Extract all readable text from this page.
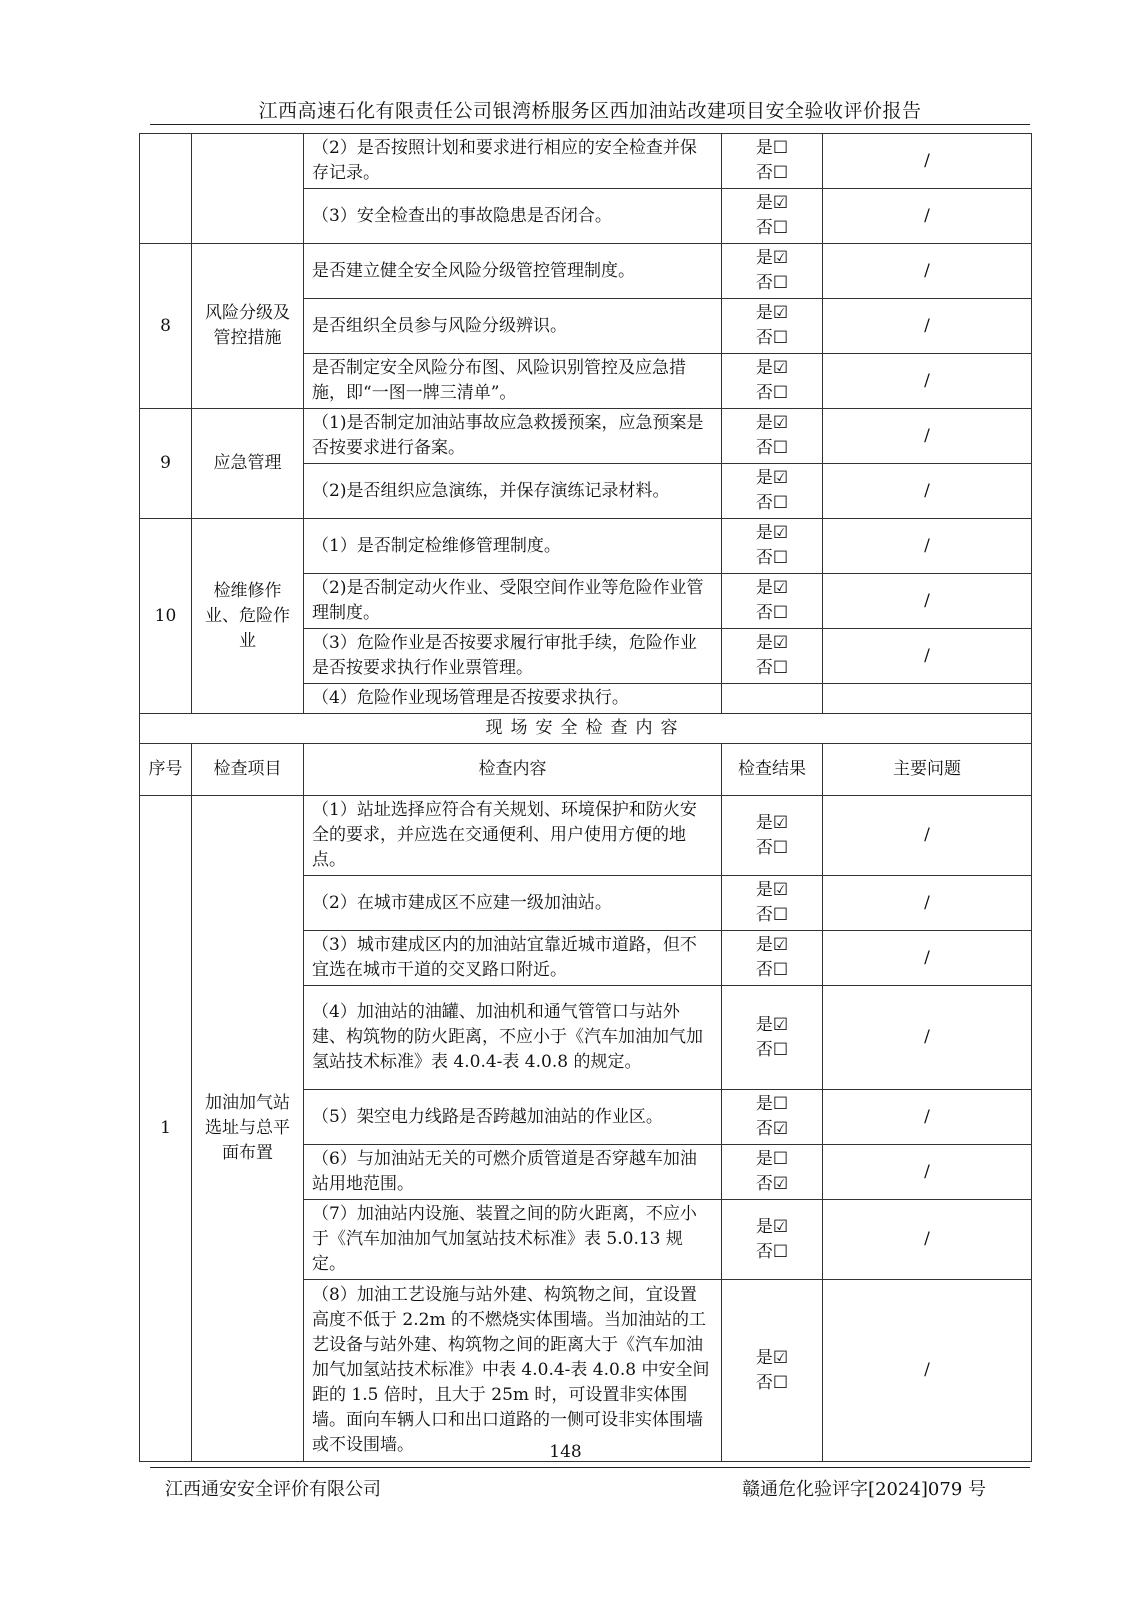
江西高速石化有限责任公司银湾桥服务区西加油站改建项目安全验收评价报告
		（2）是否按照计划和要求进行相应的安全检查并保存记录。	是☐
否☐	/
		（3）安全检查出的事故隐患是否闭合。	是☑
否☐	/
8	风险分级及管控措施	是否建立健全安全风险分级管控管理制度。	是☑
否☐	/
		是否组织全员参与风险分级辨识。	是☑
否☐	/
		是否制定安全风险分布图、风险识别管控及应急措施，即“一图一牌三清单”。	是☑
否☐	/
9	应急管理	（1)是否制定加油站事故应急救援预案，应急预案是否按要求进行备案。	是☑
否☐	/
		（2)是否组织应急演练，并保存演练记录材料。	是☑
否☐	/
10	检维修作业、危险作业	（1）是否制定检维修管理制度。	是☑
否☐	/
		（2)是否制定动火作业、受限空间作业等危险作业管理制度。	是☑
否☐	/
		（3）危险作业是否按要求履行审批手续，危险作业是否按要求执行作业票管理。	是☑
否☐	/
		（4）危险作业现场管理是否按要求执行。		
现场安全检查内容				
序号	检查项目	检查内容	检查结果	主要问题
1	加油加气站选址与总平面布置	（1）站址选择应符合有关规划、环境保护和防火安全的要求，并应选在交通便利、用户使用方便的地点。	是☑
否☐	/
		（2）在城市建成区不应建一级加油站。	是☑
否☐	/
		（3）城市建成区内的加油站宜靠近城市道路，但不宜选在城市干道的交叉路口附近。	是☑
否☐	/
		（4）加油站的油罐、加油机和通气管管口与站外建、构筑物的防火距离，不应小于《汽车加油加气加氢站技术标准》表 4.0.4-表 4.0.8 的规定。	是☑
否☐	/
		（5）架空电力线路是否跨越加油站的作业区。	是☐
否☑	/
		（6）与加油站无关的可燃介质管道是否穿越车加油站用地范围。	是☐
否☑	/
		（7）加油站内设施、装置之间的防火距离，不应小于《汽车加油加气加氢站技术标准》表 5.0.13 规定。	是☑
否☐	/
		（8）加油工艺设施与站外建、构筑物之间，宜设置高度不低于 2.2m 的不燃烧实体围墙。当加油站的工艺设备与站外建、构筑物之间的距离大于《汽车加油加气加氢站技术标准》中表 4.0.4-表 4.0.8 中安全间距的 1.5 倍时，且大于 25m 时，可设置非实体围墙。面向车辆人口和出口道路的一侧可设非实体围墙或不设围墙。	是☑
否☐	/
148
江西通安安全评价有限公司	赣通危化验评字[2024]079 号
